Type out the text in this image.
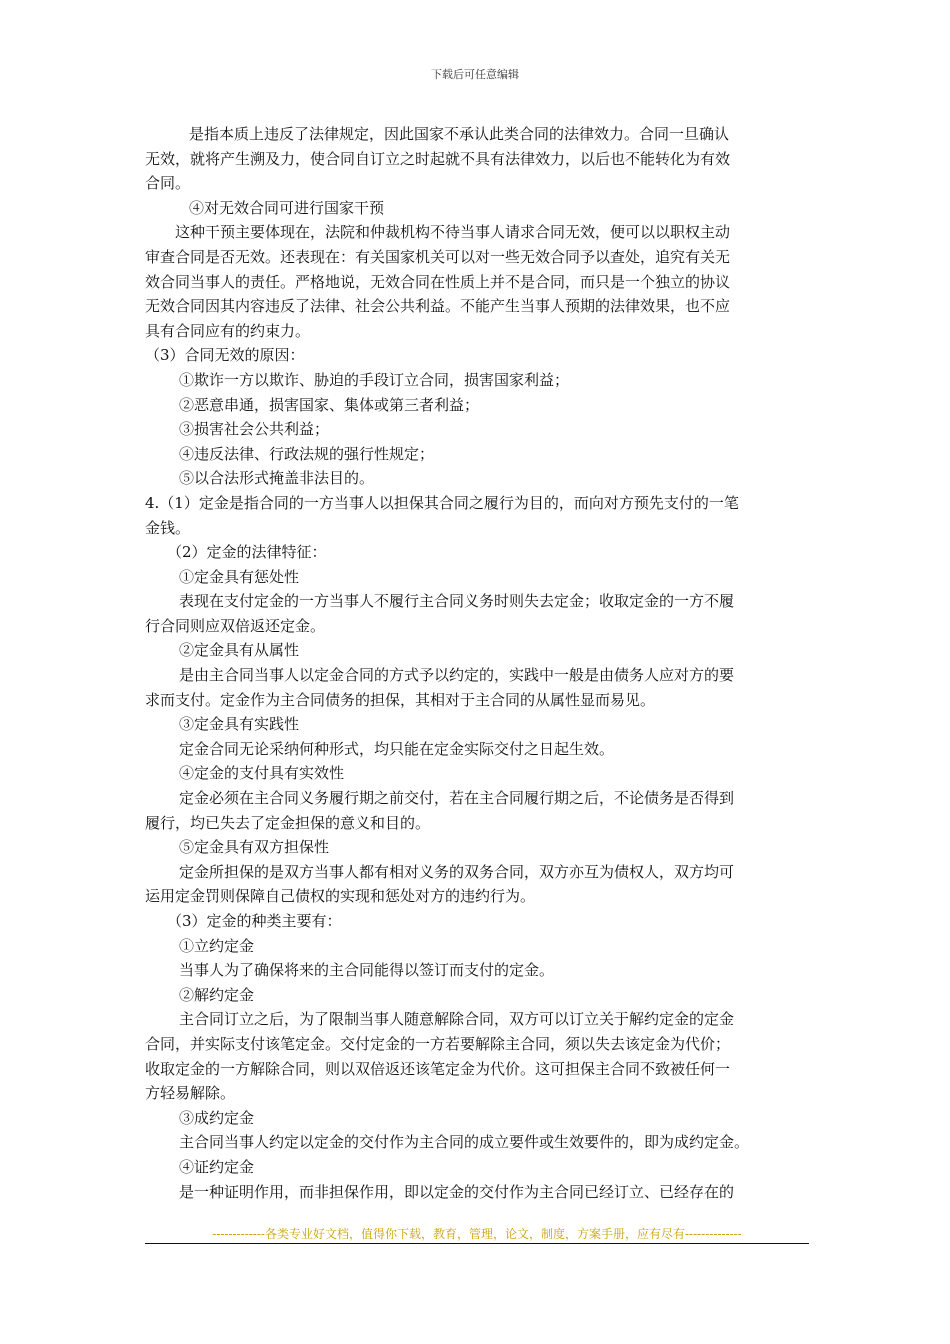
下载后可任意编辑

是指本质上违反了法律规定，因此国家不承认此类合同的法律效力。合同一旦确认

无效，就将产生溯及力，使合同自订立之时起就不具有法律效力，以后也不能转化为有效

合同。

④对无效合同可进行国家干预

这种干预主要体现在，法院和仲裁机构不待当事人请求合同无效，便可以以职权主动

审查合同是否无效。还表现在：有关国家机关可以对一些无效合同予以查处，追究有关无

效合同当事人的责任。严格地说，无效合同在性质上并不是合同，而只是一个独立的协议

无效合同因其内容违反了法律、社会公共利益。不能产生当事人预期的法律效果，也不应

具有合同应有的约束力。

（3）合同无效的原因：

①欺诈一方以欺诈、胁迫的手段订立合同，损害国家利益；

②恶意串通，损害国家、集体或第三者利益；

③损害社会公共利益；

④违反法律、行政法规的强行性规定；

⑤以合法形式掩盖非法目的。

4.（1）定金是指合同的一方当事人以担保其合同之履行为目的，而向对方预先支付的一笔

金钱。

（2）定金的法律特征：

①定金具有惩处性

表现在支付定金的一方当事人不履行主合同义务时则失去定金；收取定金的一方不履

行合同则应双倍返还定金。

②定金具有从属性

是由主合同当事人以定金合同的方式予以约定的，实践中一般是由债务人应对方的要

求而支付。定金作为主合同债务的担保，其相对于主合同的从属性显而易见。

③定金具有实践性

定金合同无论采纳何种形式，均只能在定金实际交付之日起生效。

④定金的支付具有实效性

定金必须在主合同义务履行期之前交付，若在主合同履行期之后，不论债务是否得到

履行，均已失去了定金担保的意义和目的。

⑤定金具有双方担保性

定金所担保的是双方当事人都有相对义务的双务合同，双方亦互为债权人，双方均可

运用定金罚则保障自己债权的实现和惩处对方的违约行为。

（3）定金的种类主要有：

①立约定金

当事人为了确保将来的主合同能得以签订而支付的定金。

②解约定金

主合同订立之后，为了限制当事人随意解除合同，双方可以订立关于解约定金的定金

合同，并实际支付该笔定金。交付定金的一方若要解除主合同，须以失去该定金为代价；

收取定金的一方解除合同，则以双倍返还该笔定金为代价。这可担保主合同不致被任何一

方轻易解除。

③成约定金

主合同当事人约定以定金的交付作为主合同的成立要件或生效要件的，即为成约定金。

④证约定金

是一种证明作用，而非担保作用，即以定金的交付作为主合同已经订立、已经存在的

-------------各类专业好文档，值得你下载，教育，管理，论文，制度，方案手册，应有尽有--------------
